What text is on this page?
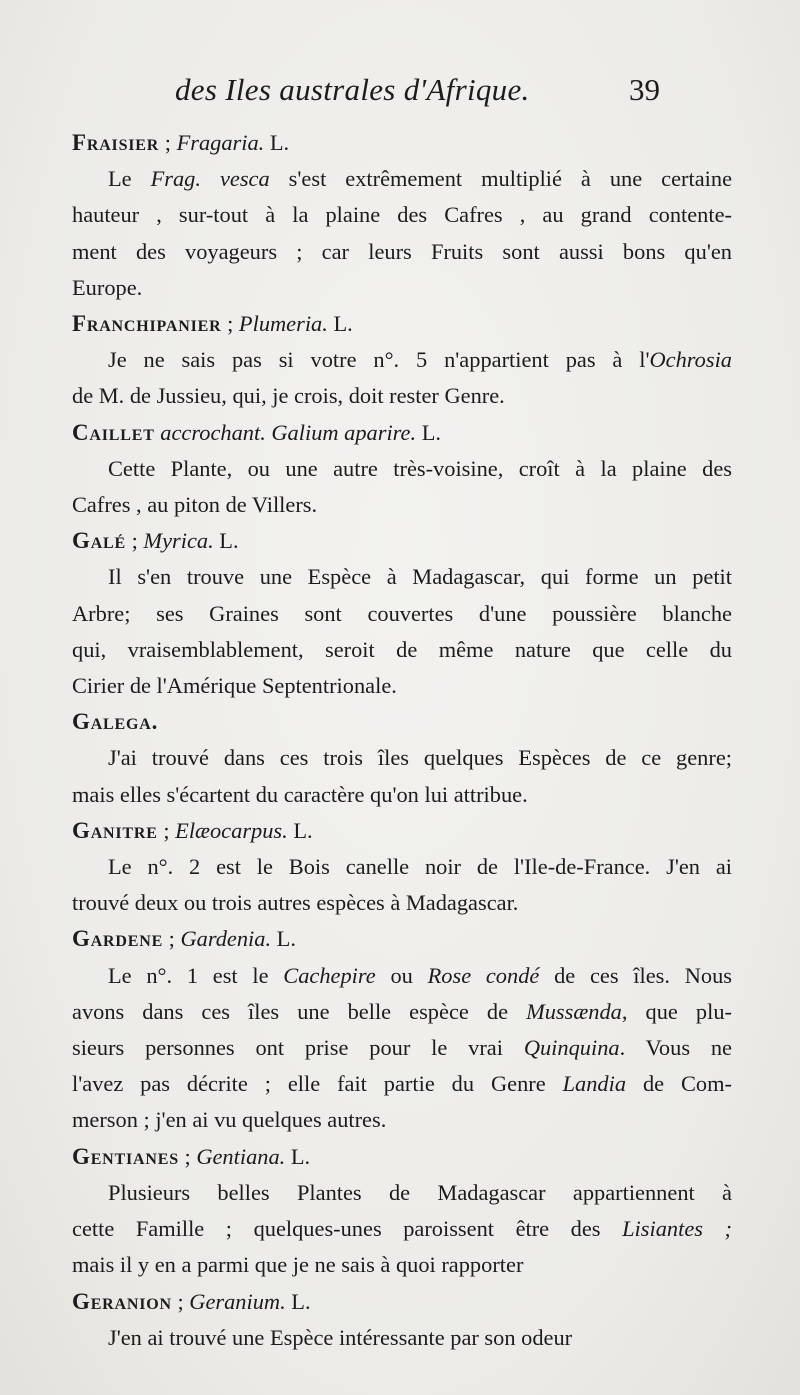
des Iles australes d'Afrique.	39
Fraisier ; Fragaria. L.
Le Frag. vesca s'est extrêmement multiplié à une certaine
hauteur , sur-tout à la plaine des Cafres , au grand contente-
ment des voyageurs ; car leurs Fruits sont aussi bons qu'en
Europe.
Franchipanier ; Plumeria. L.
Je ne sais pas si votre n°. 5 n'appartient pas à l'Ochrosia
de M. de Jussieu, qui, je crois, doit rester Genre.
Caillet accrochant. Galium aparire. L.
Cette Plante, ou une autre très-voisine, croît à la plaine des
Cafres , au piton de Villers.
Galé ; Myrica. L.
Il s'en trouve une Espèce à Madagascar, qui forme un petit
Arbre; ses Graines sont couvertes d'une poussière blanche
qui, vraisemblablement, seroit de même nature que celle du
Cirier de l'Amérique Septentrionale.
Galega.
J'ai trouvé dans ces trois îles quelques Espèces de ce genre;
mais elles s'écartent du caractère qu'on lui attribue.
Ganitre ; Elæocarpus. L.
Le n°. 2 est le Bois canelle noir de l'Ile-de-France. J'en ai
trouvé deux ou trois autres espèces à Madagascar.
Gardene ; Gardenia. L.
Le n°. 1 est le Cachepire ou Rose condé de ces îles. Nous
avons dans ces îles une belle espèce de Mussænda, que plu-
sieurs personnes ont prise pour le vrai Quinquina. Vous ne
l'avez pas décrite ; elle fait partie du Genre Landia de Com-
merson ; j'en ai vu quelques autres.
Gentianes ; Gentiana. L.
Plusieurs belles Plantes de Madagascar appartiennent à
cette Famille ; quelques-unes paroissent être des Lisiantes ;
mais il y en a parmi que je ne sais à quoi rapporter
Geranion ; Geranium. L.
J'en ai trouvé une Espèce intéressante par son odeur
